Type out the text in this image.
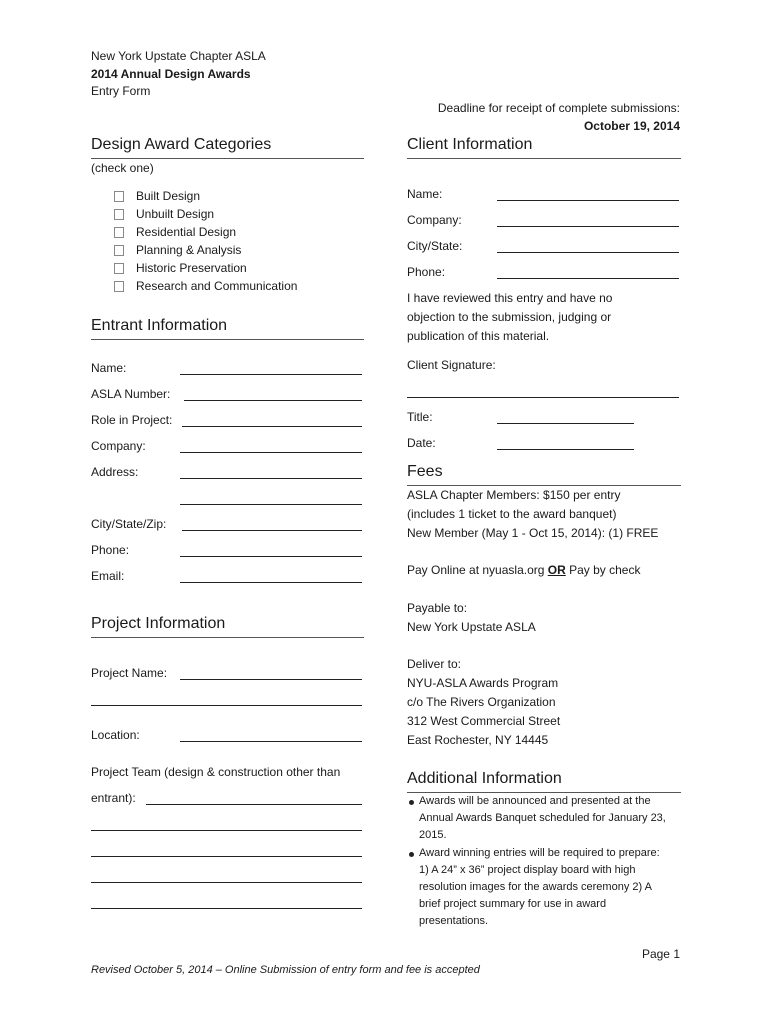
New York Upstate Chapter ASLA
2014 Annual Design Awards
Entry Form
Deadline for receipt of complete submissions:
October 19, 2014
Design Award Categories
(check one)
Built Design
Unbuilt Design
Residential Design
Planning & Analysis
Historic Preservation
Research and Communication
Entrant Information
Name:
ASLA Number:
Role in Project:
Company:
Address:
City/State/Zip:
Phone:
Email:
Project Information
Project Name:
Location:
Project Team (design & construction other than
entrant):
Client Information
Name:
Company:
City/State:
Phone:
I have reviewed this entry and have no
objection to the submission, judging or
publication of this material.
Client Signature:
Title:
Date:
Fees
ASLA Chapter Members: $150 per entry
(includes 1 ticket to the award banquet)
New Member (May 1 - Oct 15, 2014): (1) FREE
Pay Online at nyuasla.org OR Pay by check
Payable to:
New York Upstate ASLA
Deliver to:
NYU-ASLA Awards Program
c/o The Rivers Organization
312 West Commercial Street
East Rochester, NY 14445
Additional Information
Awards will be announced and presented at the
Annual Awards Banquet scheduled for January 23,
2015.
Award winning entries will be required to prepare:
1) A 24” x 36” project display board with high
resolution images for the awards ceremony 2) A
brief project summary for use in award
presentations.
Page 1
Revised October 5, 2014 – Online Submission of entry form and fee is accepted
